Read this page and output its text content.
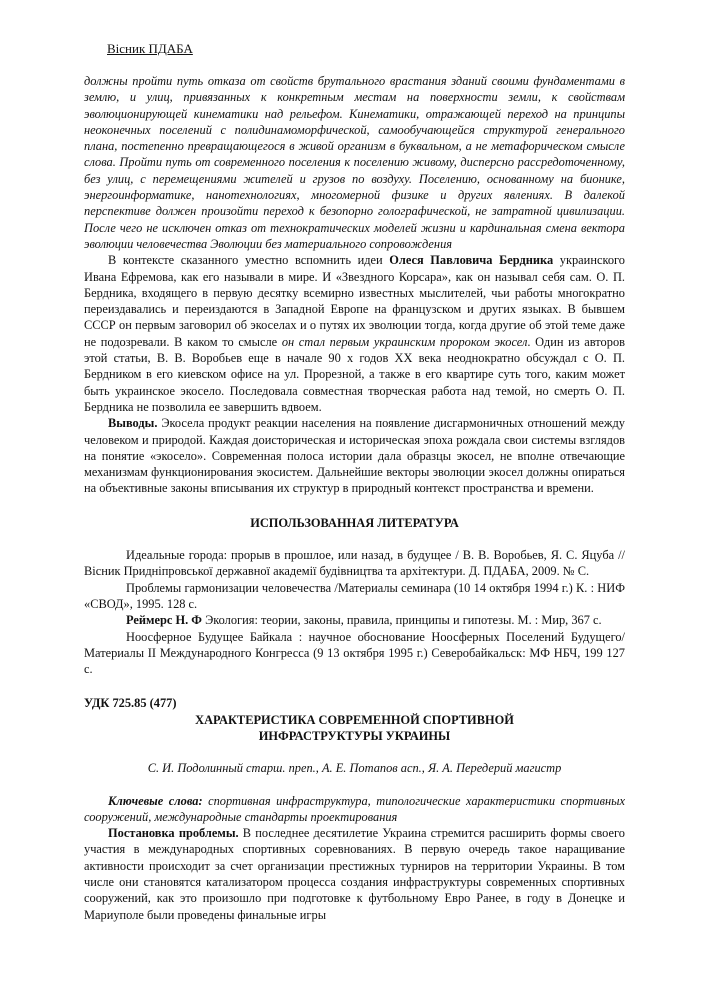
Вісник ПДАБА

должны пройти путь отказа от свойств брутального врастания зданий своими фундаментами в землю, и улиц, привязанных к конкретным местам на поверхности земли, к свойствам эволюционирующей кинематики над рельефом. Кинематики, отражающей переход на принципы неоконечных поселений с полидинамоморфической, самообучающейся структурой генерального плана, постепенно превращающегося в живой организм в буквальном, а не метафорическом смысле слова. Пройти путь от современного поселения к поселению живому, дисперсно рассредоточенному, без улиц, с перемещениями жителей и грузов по воздуху. Поселению, основанному на бионике, энергоинформатике, нанотехнологиях, многомерной физике и других явлениях. В далекой перспективе должен произойти переход к безопорно голографической, не затратной цивилизации. После чего не исключен отказ от технократических моделей жизни и кардинальная смена вектора эволюции человечества Эволюции без материального сопровождения

В контексте сказанного уместно вспомнить идеи Олеся Павловича Бердника украинского Ивана Ефремова, как его называли в мире. И «Звездного Корсара», как он называл себя сам. О. П. Бердника, входящего в первую десятку всемирно известных мыслителей, чьи работы многократно переиздавались и переиздаются в Западной Европе на французском и других языках. В бывшем СССР он первым заговорил об экоселах и о путях их эволюции тогда, когда другие об этой теме даже не подозревали. В каком то смысле он стал первым украинским пророком экосел. Один из авторов этой статьи, В. В. Воробьев еще в начале 90 х годов XX века неоднократно обсуждал с О. П. Бердником в его киевском офисе на ул. Прорезной, а также в его квартире суть того, каким может быть украинское экосело. Последовала совместная творческая работа над темой, но смерть О. П. Бердника не позволила ее завершить вдвоем.

Выводы. Экосела продукт реакции населения на появление дисгармоничных отношений между человеком и природой. Каждая доисторическая и историческая эпоха рождала свои системы взглядов на понятие «экосело». Современная полоса истории дала образцы экосел, не вполне отвечающие механизмам функционирования экосистем. Дальнейшие векторы эволюции экосел должны опираться на объективные законы вписывания их структур в природный контекст пространства и времени.

ИСПОЛЬЗОВАННАЯ ЛИТЕРАТУРА

Идеальные города: прорыв в прошлое, или назад, в будущее / В. В. Воробьев, Я. С. Яцуба // Вісник Придніпровської державної академії будівництва та архітектури. Д. ПДАБА, 2009. № С.

Проблемы гармонизации человечества /Материалы семинара (10 14 октября 1994 г.) К. : НИФ «СВОД», 1995. 128 с.

Реймерс Н. Ф Экология: теории, законы, правила, принципы и гипотезы. М. : Мир, 367 с.

Ноосферное Будущее Байкала : научное обоснование Ноосферных Поселений Будущего/ Материалы II Международного Конгресса (9 13 октября 1995 г.) Северобайкальск: МФ НБЧ, 199 127 с.

УДК 725.85 (477)

ХАРАКТЕРИСТИКА СОВРЕМЕННОЙ СПОРТИВНОЙ

ИНФРАСТРУКТУРЫ УКРАИНЫ

С. И. Подолинный старш. преп., А. Е. Потапов асп., Я. А. Передерий магистр

Ключевые слова: спортивная инфраструктура, типологические характеристики спортивных сооружений, международные стандарты проектирования

Постановка проблемы. В последнее десятилетие Украина стремится расширить формы своего участия в международных спортивных соревнованиях. В первую очередь такое наращивание активности происходит за счет организации престижных турниров на территории Украины. В том числе они становятся катализатором процесса создания инфраструктуры современных спортивных сооружений, как это произошло при подготовке к футбольному Евро Ранее, в году в Донецке и Мариуполе были проведены финальные игры
